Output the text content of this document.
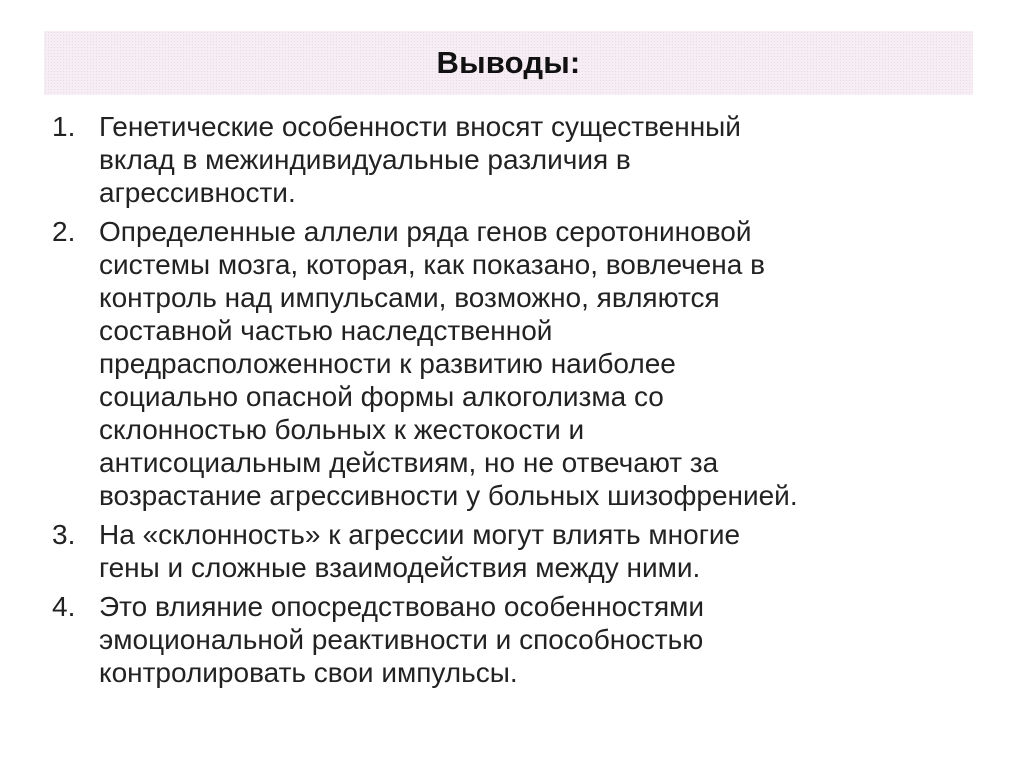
Выводы:
1. Генетические особенности вносят существенный
вклад в межиндивидуальные различия в
агрессивности.
2. Определенные аллели ряда генов серотониновой
системы мозга, которая, как показано, вовлечена в
контроль над импульсами, возможно, являются
составной частью наследственной
предрасположенности к развитию наиболее
социально опасной формы алкоголизма со
склонностью больных к жестокости и
антисоциальным действиям, но не отвечают за
возрастание агрессивности у больных шизофренией.
3. На «склонность» к агрессии могут влиять многие
гены и сложные взаимодействия между ними.
4. Это влияние опосредствовано особенностями
эмоциональной реактивности и способностью
контролировать свои импульсы.
